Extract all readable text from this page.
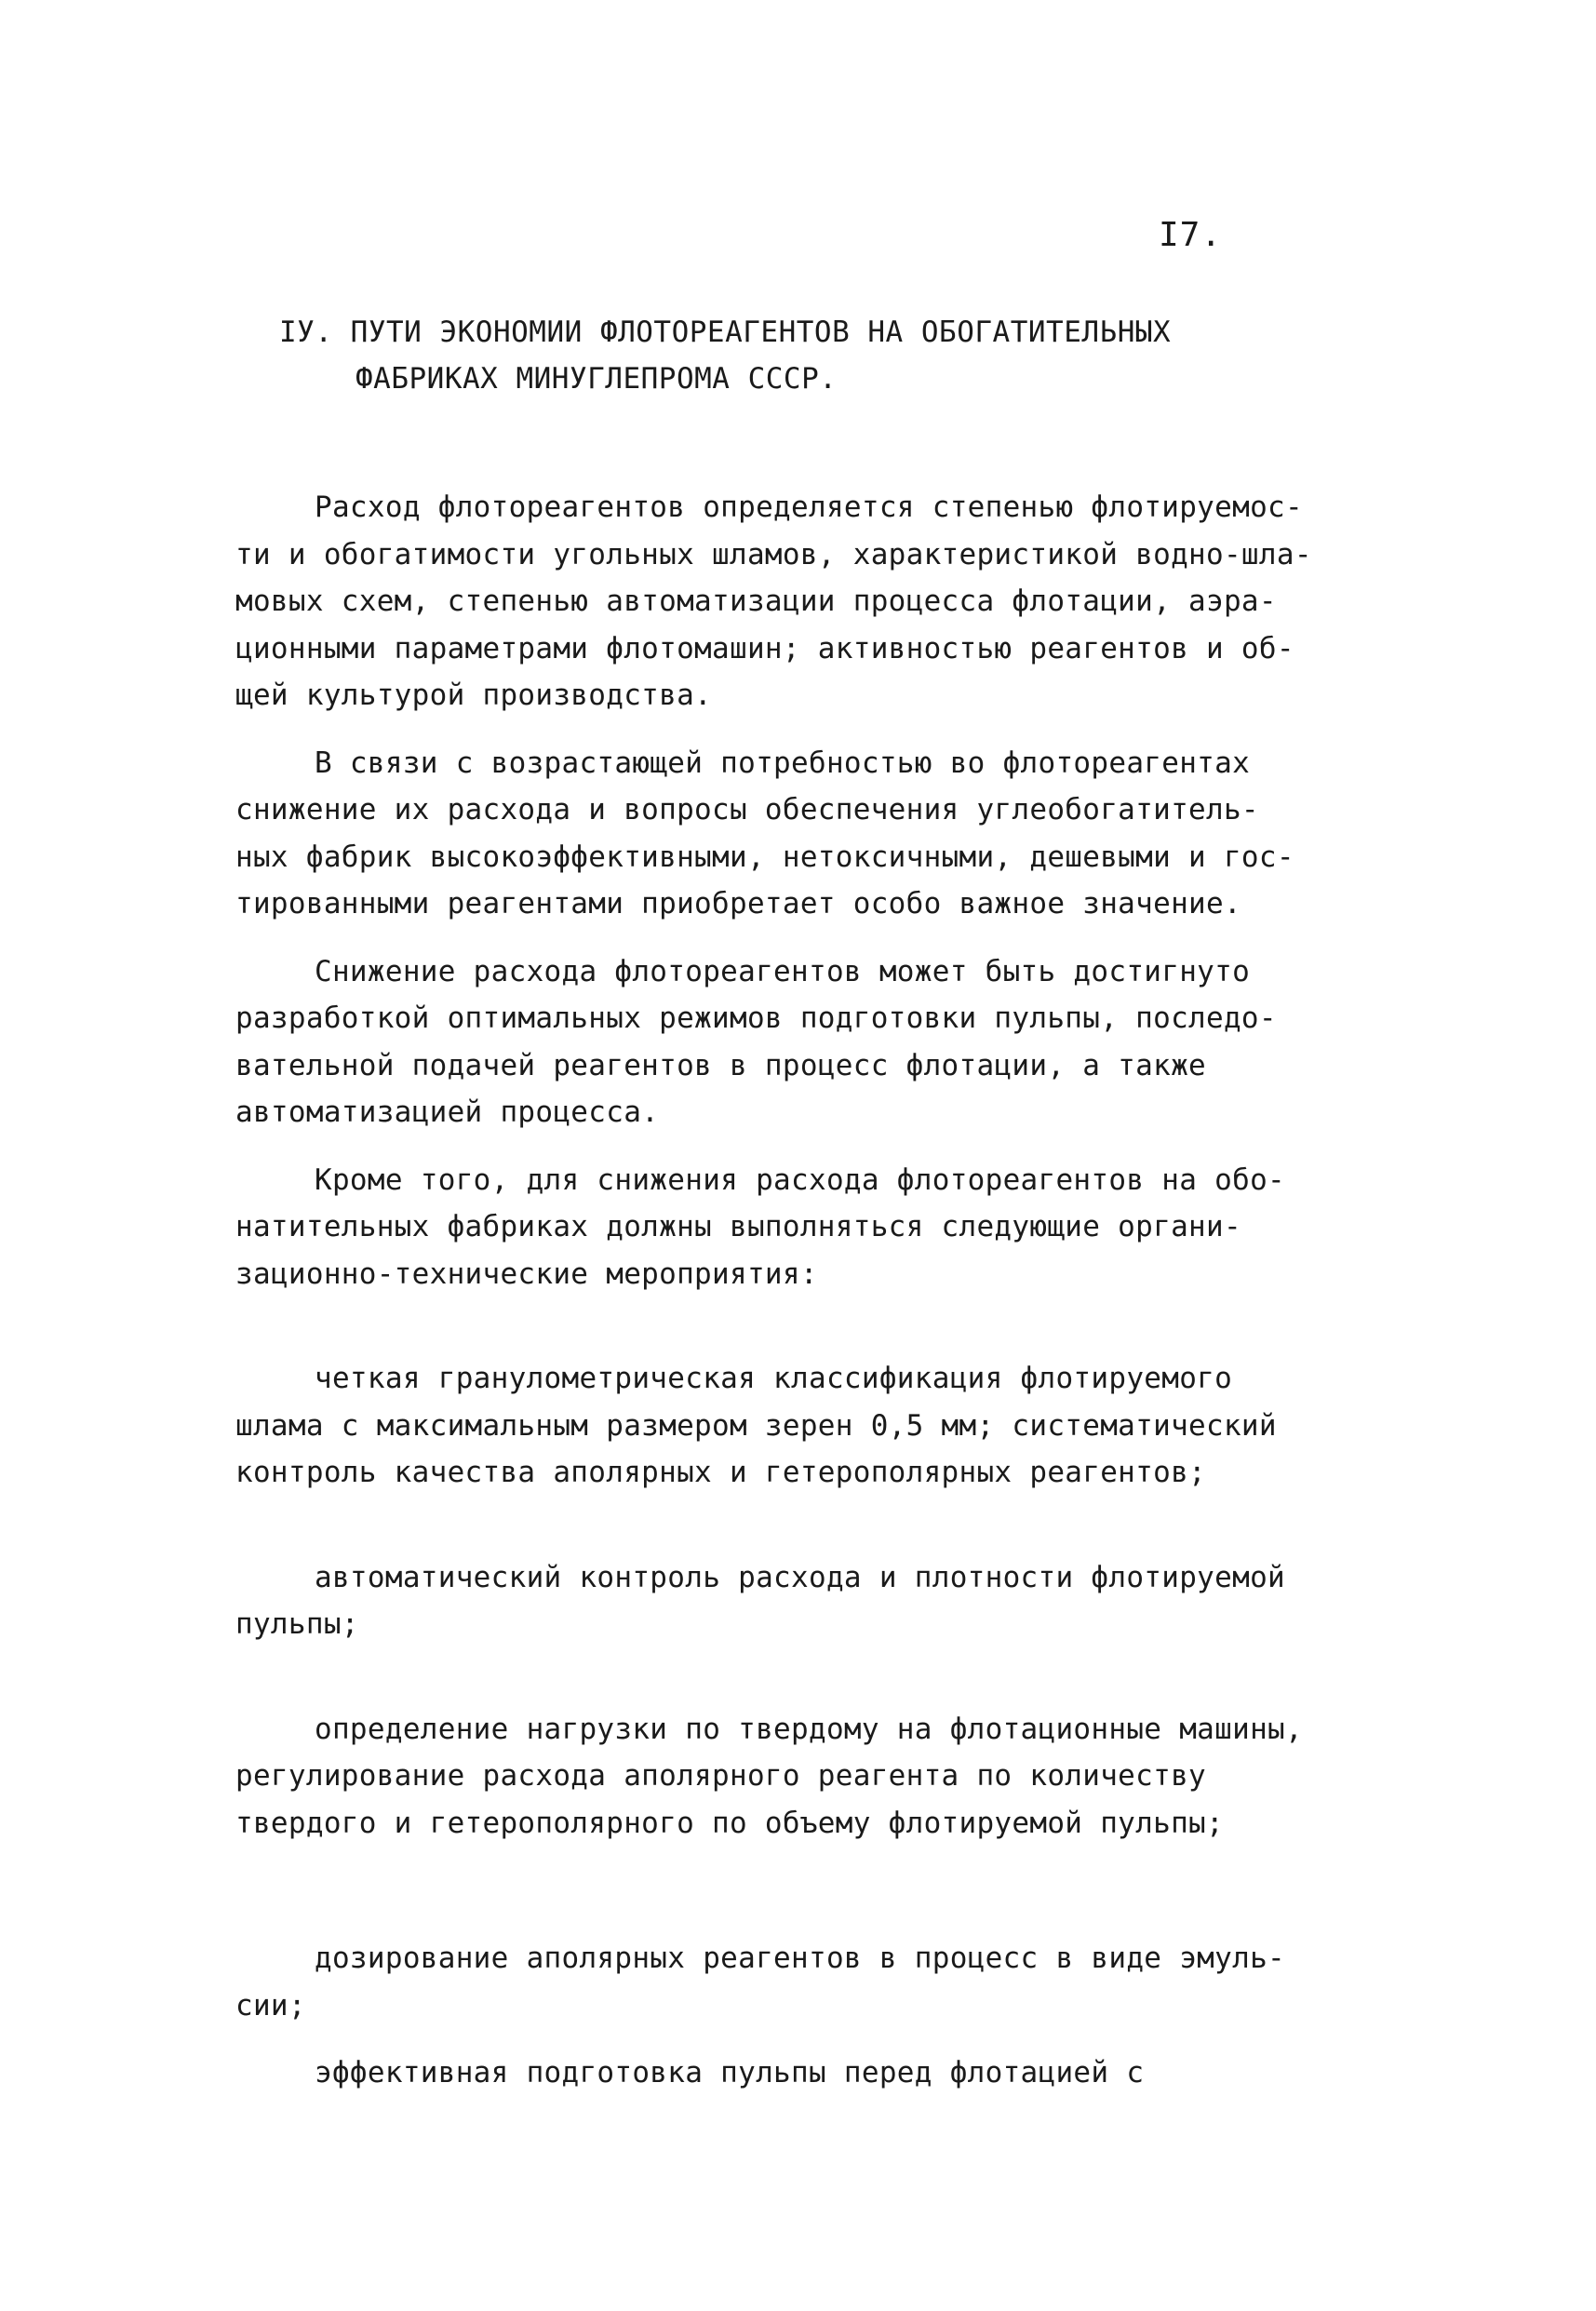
I7.
IУ. ПУТИ ЭКОНОМИИ ФЛОТОРЕАГЕНТОВ НА ОБОГАТИТЕЛЬНЫХ
ФАБРИКАХ МИНУГЛЕПРОМА СССР.
Расход флотореагентов определяется степенью флотируемос-
ти и обогатимости угольных шламов, характеристикой водно-шла-
мовых схем, степенью автоматизации процесса флотации, аэра-
ционными параметрами флотомашин; активностью реагентов и об-
щей культурой производства.
В связи с возрастающей потребностью во флотореагентах
снижение их расхода и вопросы обеспечения углеобогатитель-
ных фабрик высокоэффективными, нетоксичными, дешевыми и гос-
тированными реагентами приобретает особо важное значение.
Снижение расхода флотореагентов может быть достигнуто
разработкой оптимальных режимов подготовки пульпы, последо-
вательной подачей реагентов в процесс флотации, а также
автоматизацией процесса.
Кроме того, для снижения расхода флотореагентов на обо-
натительных фабриках должны выполняться следующие органи-
зационно-технические мероприятия:
четкая гранулометрическая классификация флотируемого
шлама с максимальным размером зерен 0,5 мм; систематический
контроль качества аполярных и гетерополярных реагентов;
автоматический контроль расхода и плотности флотируемой
пульпы;
определение нагрузки по твердому на флотационные машины,
регулирование расхода аполярного реагента по количеству
твердого и гетерополярного по объему флотируемой пульпы;
дозирование аполярных реагентов в процесс в виде эмуль-
сии;
эффективная подготовка пульпы перед флотацией с
